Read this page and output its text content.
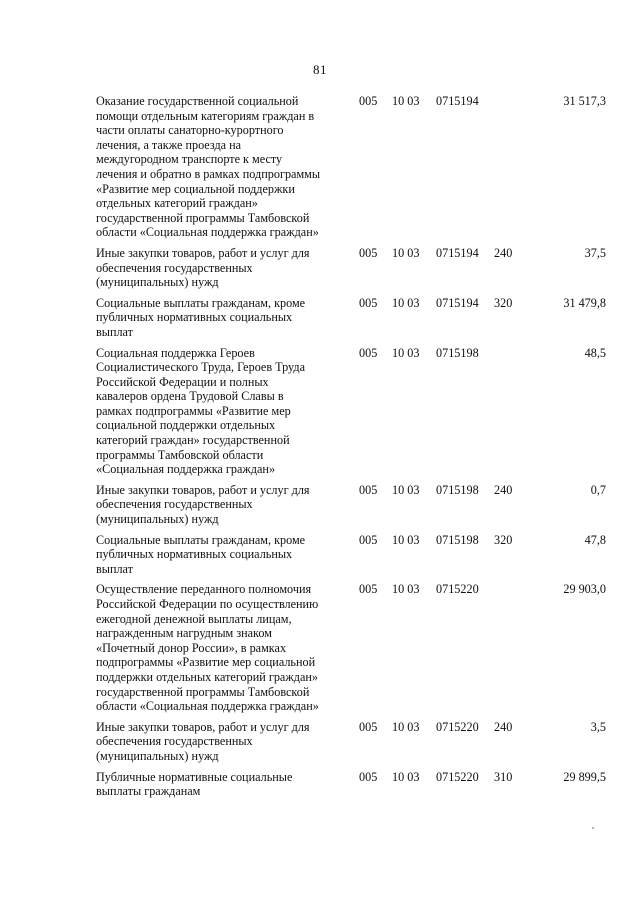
81
Оказание государственной социальной
помощи отдельным категориям граждан в
части оплаты санаторно-курортного
лечения, а также проезда на
междугородном транспорте к месту
лечения и обратно в рамках подпрограммы
«Развитие мер социальной поддержки
отдельных категорий граждан»
государственной программы Тамбовской
области «Социальная поддержка граждан»
005 10 03 0715194	31 517,3
Иные закупки товаров, работ и услуг для
обеспечения государственных
(муниципальных) нужд
005 10 03 0715194 240	37,5
Социальные выплаты гражданам, кроме
публичных нормативных социальных
выплат
005 10 03 0715194 320	31 479,8
Социальная поддержка Героев
Социалистического Труда, Героев Труда
Российской Федерации и полных
кавалеров ордена Трудовой Славы в
рамках подпрограммы «Развитие мер
социальной поддержки отдельных
категорий граждан» государственной
программы Тамбовской области
«Социальная поддержка граждан»
005 10 03 0715198	48,5
Иные закупки товаров, работ и услуг для
обеспечения государственных
(муниципальных) нужд
005 10 03 0715198 240	0,7
Социальные выплаты гражданам, кроме
публичных нормативных социальных
выплат
005 10 03 0715198 320	47,8
Осуществление переданного полномочия
Российской Федерации по осуществлению
ежегодной денежной выплаты лицам,
награжденным нагрудным знаком
«Почетный донор России», в рамках
подпрограммы «Развитие мер социальной
поддержки отдельных категорий граждан»
государственной программы Тамбовской
области «Социальная поддержка граждан»
005 10 03 0715220	29 903,0
Иные закупки товаров, работ и услуг для
обеспечения государственных
(муниципальных) нужд
005 10 03 0715220 240	3,5
Публичные нормативные социальные
выплаты гражданам
005 10 03 0715220 310	29 899,5
